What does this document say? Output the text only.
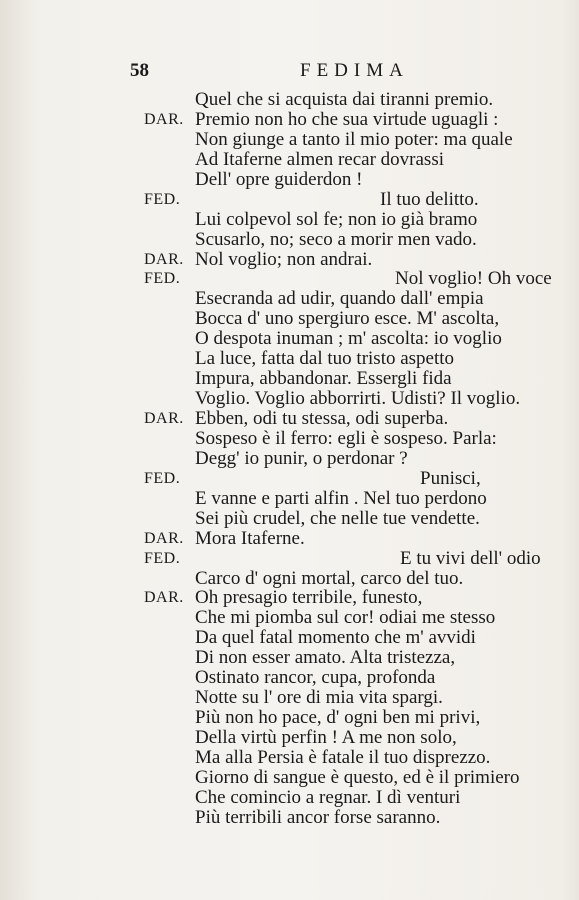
58	FEDIMA
Quel che si acquista dai tiranni premio.
DAR. Premio non ho che sua virtude uguagli :
Non giunge a tanto il mio poter: ma quale
Ad Itaferne almen recar dovrassi
Dell' opre guiderdon !
FED.	Il tuo delitto.
Lui colpevol sol fe; non io già bramo
Scusarlo, no; seco a morir men vado.
DAR. Nol voglio; non andrai.
FED.	Nol voglio! Oh voce
Esecranda ad udir, quando dall' empia
Bocca d' uno spergiuro esce. M' ascolta,
O despota inuman ; m' ascolta: io voglio
La luce, fatta dal tuo tristo aspetto
Impura, abbandonar. Essergli fida
Voglio. Voglio abborrirti. Udisti? Il voglio.
DAR. Ebben, odi tu stessa, odi superba.
Sospeso è il ferro: egli è sospeso. Parla:
Degg' io punir, o perdonar ?
FED.	Punisci,
E vanne e parti alfin . Nel tuo perdono
Sei più crudel, che nelle tue vendette.
DAR. Mora Itaferne.
FED.	E tu vivi dell' odio
Carco d' ogni mortal, carco del tuo.
DAR. Oh presagio terribile, funesto,
Che mi piomba sul cor! odiai me stesso
Da quel fatal momento che m' avvidi
Di non esser amato. Alta tristezza,
Ostinato rancor, cupa, profonda
Notte su l' ore di mia vita spargi.
Più non ho pace, d' ogni ben mi privi,
Della virtù perfin ! A me non solo,
Ma alla Persia è fatale il tuo disprezzo.
Giorno di sangue è questo, ed è il primiero
Che comincio a regnar. I dì venturi
Più terribili ancor forse saranno.
